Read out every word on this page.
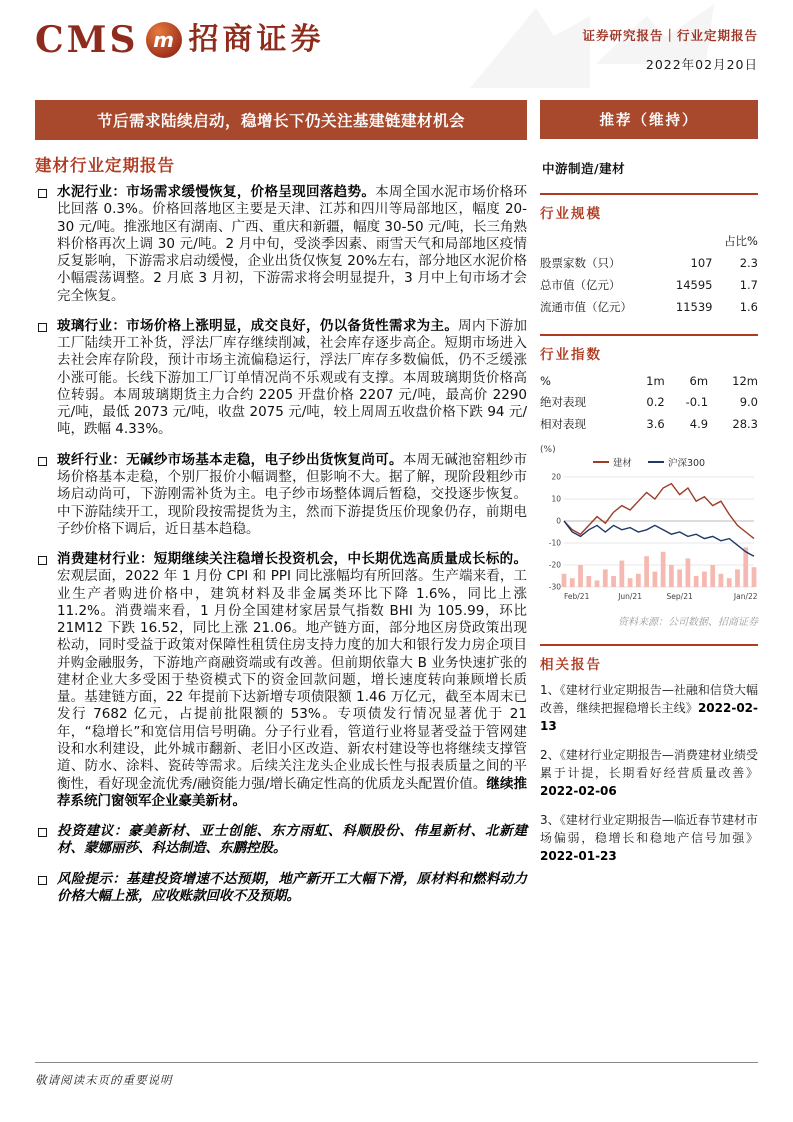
CMS m 招商证券	证券研究报告｜行业定期报告
2022年02月20日
节后需求陆续启动，稳增长下仍关注基建链建材机会
建材行业定期报告

水泥行业：市场需求缓慢恢复，价格呈现回落趋势。本周全国水泥市场价格环比回落 0.3%。价格回落地区主要是天津、江苏和四川等局部地区，幅度 20-30 元/吨。推涨地区有湖南、广西、重庆和新疆，幅度 30-50 元/吨，长三角熟料价格再次上调 30 元/吨。2 月中旬，受淡季因素、雨雪天气和局部地区疫情反复影响，下游需求启动缓慢，企业出货仅恢复 20%左右，部分地区水泥价格小幅震荡调整。2 月底 3 月初，下游需求将会明显提升，3 月中上旬市场才会完全恢复。

玻璃行业：市场价格上涨明显，成交良好，仍以备货性需求为主。周内下游加工厂陆续开工补货，浮法厂库存继续削减，社会库存逐步高企。短期市场进入去社会库存阶段，预计市场主流偏稳运行，浮法厂库存多数偏低，仍不乏缓涨小涨可能。长线下游加工厂订单情况尚不乐观或有支撑。本周玻璃期货价格高位转弱。本周玻璃期货主力合约 2205 开盘价格 2207 元/吨，最高价 2290 元/吨，最低 2073 元/吨，收盘 2075 元/吨，较上周周五收盘价格下跌 94 元/吨，跌幅 4.33%。

玻纤行业：无碱纱市场基本走稳，电子纱出货恢复尚可。本周无碱池窑粗纱市场价格基本走稳，个别厂报价小幅调整，但影响不大。据了解，现阶段粗纱市场启动尚可，下游刚需补货为主。电子纱市场整体调后暂稳，交投逐步恢复。中下游陆续开工，现阶段按需提货为主，然而下游提货压价现象仍存，前期电子纱价格下调后，近日基本趋稳。

消费建材行业：短期继续关注稳增长投资机会，中长期优选高质量成长标的。宏观层面，2022 年 1 月份 CPI 和 PPI 同比涨幅均有所回落。生产端来看，工业生产者购进价格中，建筑材料及非金属类环比下降 1.6%，同比上涨 11.2%。消费端来看，1 月份全国建材家居景气指数 BHI 为 105.99，环比 21M12 下跌 16.52，同比上涨 21.06。地产链方面，部分地区房贷政策出现松动，同时受益于政策对保障性租赁住房支持力度的加大和银行发力房企项目并购金融服务，下游地产商融资端或有改善。但前期依靠大 B 业务快速扩张的建材企业大多受困于垫资模式下的资金回款问题，增长速度转向兼顾增长质量。基建链方面，22 年提前下达新增专项债限额 1.46 万亿元，截至本周末已发行 7682 亿元，占提前批限额的 53%。专项债发行情况显著优于 21 年，“稳增长”和宽信用信号明确。分子行业看，管道行业将显著受益于管网建设和水利建设，此外城市翻新、老旧小区改造、新农村建设等也将继续支撑管道、防水、涂料、瓷砖等需求。后续关注龙头企业成长性与报表质量之间的平衡性，看好现金流优秀/融资能力强/增长确定性高的优质龙头配置价值。继续推荐系统门窗领军企业豪美新材。

投资建议：豪美新材、亚士创能、东方雨虹、科顺股份、伟星新材、北新建材、蒙娜丽莎、科达制造、东鹏控股。

风险提示：基建投资增速不达预期，地产新开工大幅下滑，原材料和燃料动力价格大幅上涨，应收账款回收不及预期。

推荐（维持）
中游制造/建材
行业规模
		占比%
股票家数（只）	107	2.3
总市值（亿元）	14595	1.7
流通市值（亿元）	11539	1.6
行业指数
%	1m	6m	12m
绝对表现	0.2	-0.1	9.0
相对表现	3.6	4.9	28.3
(%)
建材	沪深300
20
10
0
-10
-20
-30
Feb/21	Jun/21	Sep/21	Jan/22
资料来源：公司数据、招商证券
相关报告
1、《建材行业定期报告—社融和信贷大幅改善，继续把握稳增长主线》2022-02-13
2、《建材行业定期报告—消费建材业绩受累于计提，长期看好经营质量改善》2022-02-06
3、《建材行业定期报告—临近春节建材市场偏弱，稳增长和稳地产信号加强》2022-01-23
敬请阅读末页的重要说明
